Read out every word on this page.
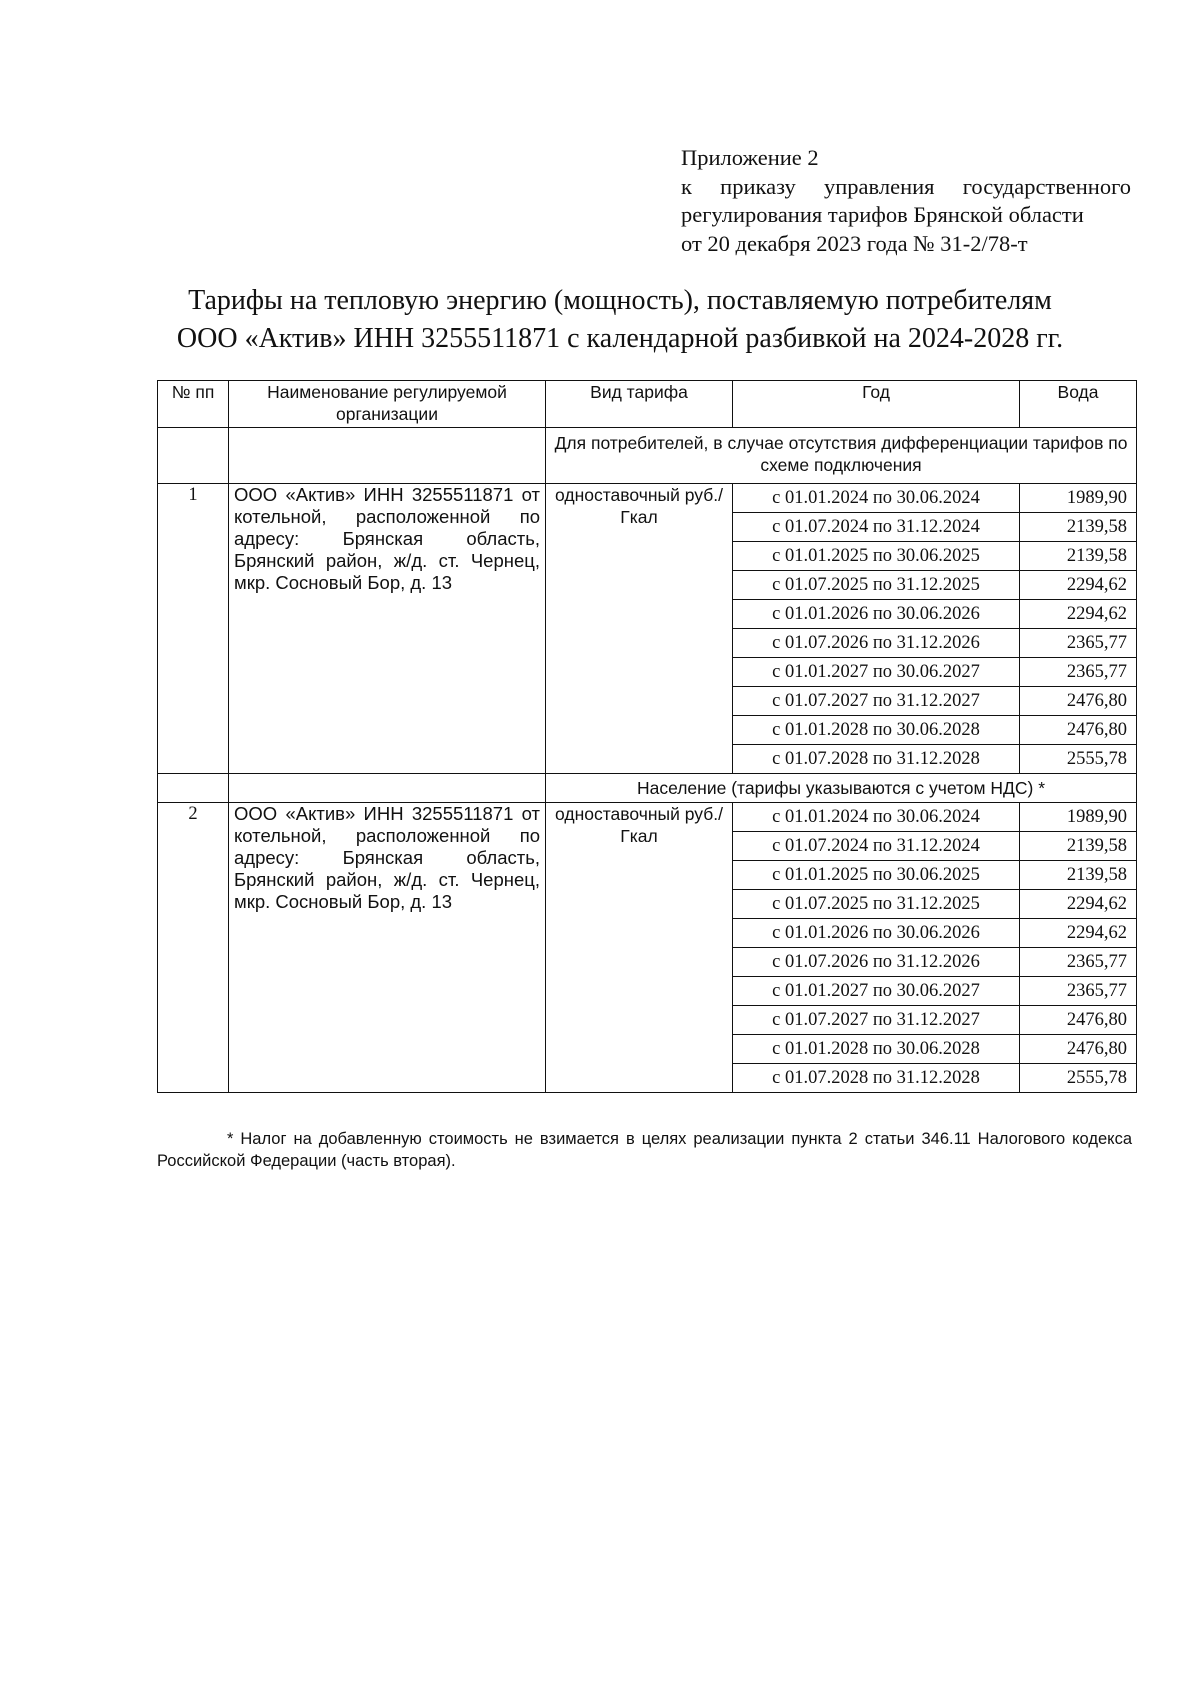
Приложение 2
к приказу управления государственного
регулирования тарифов Брянской области
от 20 декабря 2023 года № 31-2/78-т
Тарифы на тепловую энергию (мощность), поставляемую потребителям
ООО «Актив» ИНН 3255511871 с календарной разбивкой на 2024-2028 гг.
№ пп	Наименование регулируемой организации	Вид тарифа	Год	Вода
		Для потребителей, в случае отсутствия дифференциации тарифов по схеме подключения		
1	ООО «Актив» ИНН 3255511871 от котельной, расположенной по адресу: Брянская область, Брянский район, ж/д. ст. Чернец, мкр. Сосновый Бор, д. 13	одноставочный руб./Гкал	с 01.01.2024 по 30.06.2024	1989,90
			с 01.07.2024 по 31.12.2024	2139,58
			с 01.01.2025 по 30.06.2025	2139,58
			с 01.07.2025 по 31.12.2025	2294,62
			с 01.01.2026 по 30.06.2026	2294,62
			с 01.07.2026 по 31.12.2026	2365,77
			с 01.01.2027 по 30.06.2027	2365,77
			с 01.07.2027 по 31.12.2027	2476,80
			с 01.01.2028 по 30.06.2028	2476,80
			с 01.07.2028 по 31.12.2028	2555,78
		Население (тарифы указываются с учетом НДС) *		
2	ООО «Актив» ИНН 3255511871 от котельной, расположенной по адресу: Брянская область, Брянский район, ж/д. ст. Чернец, мкр. Сосновый Бор, д. 13	одноставочный руб./Гкал	с 01.01.2024 по 30.06.2024	1989,90
			с 01.07.2024 по 31.12.2024	2139,58
			с 01.01.2025 по 30.06.2025	2139,58
			с 01.07.2025 по 31.12.2025	2294,62
			с 01.01.2026 по 30.06.2026	2294,62
			с 01.07.2026 по 31.12.2026	2365,77
			с 01.01.2027 по 30.06.2027	2365,77
			с 01.07.2027 по 31.12.2027	2476,80
			с 01.01.2028 по 30.06.2028	2476,80
			с 01.07.2028 по 31.12.2028	2555,78
* Налог на добавленную стоимость не взимается в целях реализации пункта 2 статьи 346.11 Налогового кодекса Российской Федерации (часть вторая).
